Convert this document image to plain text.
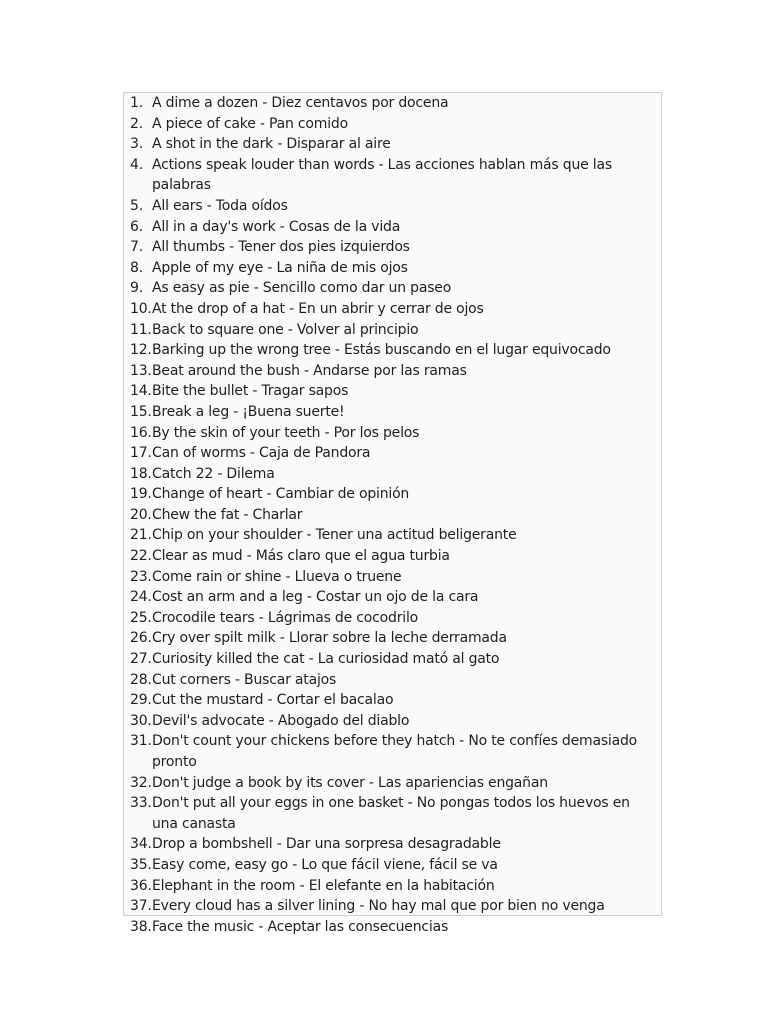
1. A dime a dozen - Diez centavos por docena
2. A piece of cake - Pan comido
3. A shot in the dark - Disparar al aire
4. Actions speak louder than words - Las acciones hablan más que las palabras
5. All ears - Toda oídos
6. All in a day's work - Cosas de la vida
7. All thumbs - Tener dos pies izquierdos
8. Apple of my eye - La niña de mis ojos
9. As easy as pie - Sencillo como dar un paseo
10. At the drop of a hat - En un abrir y cerrar de ojos
11. Back to square one - Volver al principio
12. Barking up the wrong tree - Estás buscando en el lugar equivocado
13. Beat around the bush - Andarse por las ramas
14. Bite the bullet - Tragar sapos
15. Break a leg - ¡Buena suerte!
16. By the skin of your teeth - Por los pelos
17. Can of worms - Caja de Pandora
18. Catch 22 - Dilema
19. Change of heart - Cambiar de opinión
20. Chew the fat - Charlar
21. Chip on your shoulder - Tener una actitud beligerante
22. Clear as mud - Más claro que el agua turbia
23. Come rain or shine - Llueva o truene
24. Cost an arm and a leg - Costar un ojo de la cara
25. Crocodile tears - Lágrimas de cocodrilo
26. Cry over spilt milk - Llorar sobre la leche derramada
27. Curiosity killed the cat - La curiosidad mató al gato
28. Cut corners - Buscar atajos
29. Cut the mustard - Cortar el bacalao
30. Devil's advocate - Abogado del diablo
31. Don't count your chickens before they hatch - No te confíes demasiado pronto
32. Don't judge a book by its cover - Las apariencias engañan
33. Don't put all your eggs in one basket - No pongas todos los huevos en una canasta
34. Drop a bombshell - Dar una sorpresa desagradable
35. Easy come, easy go - Lo que fácil viene, fácil se va
36. Elephant in the room - El elefante en la habitación
37. Every cloud has a silver lining - No hay mal que por bien no venga
38. Face the music - Aceptar las consecuencias
